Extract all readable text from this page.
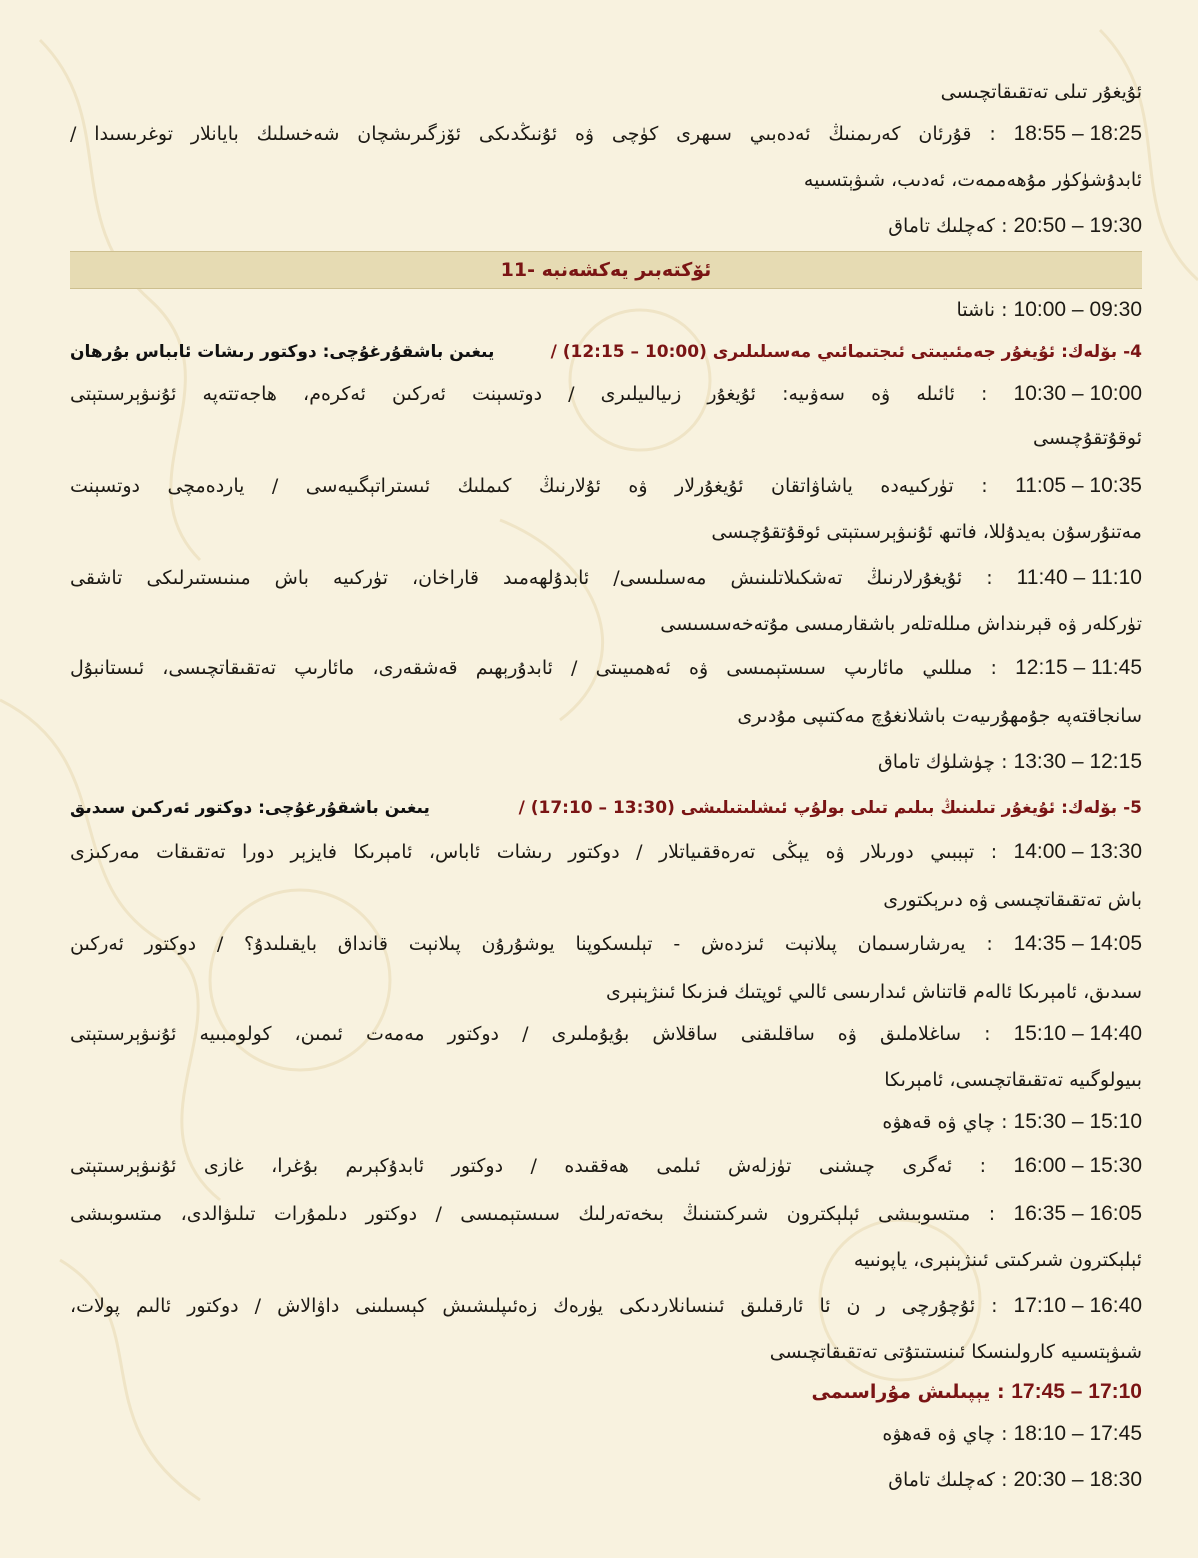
ئۇيغۇر تىلى تەتقىقاتچىسى
18:55 – 18:25 : قۇرئان كەرىمنىڭ ئەدەبىي سىھرى كۈچى ۋە ئۇنىڭدىكى ئۆزگىرىشچان شەخسلىك بايانلار توغرىسىدا /
ئابدۇشۈكۈر مۇھەممەت، ئەدىب، شىۋېتسىيە
20:50 – 19:30 : كەچلىك تاماق
11- ئۆكتەبىر يەكشەنبە
10:00 – 09:30 : ناشتا
4- بۆلەك: ئۇيغۇر جەمئىيىتى ئىجتىمائىي مەسىلىلىرى (10:00 – 12:15) /
يىغىن باشقۇرغۇچى: دوكتور رىشات ئابباس بۇرھان
10:30 – 10:00 : ئائىلە ۋە سەۋىيە: ئۇيغۇر زىيالىيلىرى / دوتسېنت ئەركىن ئەكرەم، ھاجەتتەپە ئۇنىۋېرسىتېتى
ئوقۇتقۇچىسى
11:05 – 10:35 : تۈركىيەدە ياشاۋاتقان ئۇيغۇرلار ۋە ئۇلارنىڭ كىملىك ئىستراتېگىيەسى / ياردەمچى دوتسېنت
مەتنۇرسۇن بەيدۇللا، فاتىھ ئۇنىۋېرسىتېتى ئوقۇتقۇچىسى
11:40 – 11:10 : ئۇيغۇرلارنىڭ تەشكىلاتلىنىش مەسىلىسى/ ئابدۇلھەمىد قاراخان، تۈركىيە باش مىنىستىرلىكى تاشقى
تۈركلەر ۋە قېرىنداش مىللەتلەر باشقارمىسى مۇتەخەسسىسى
12:15 – 11:45 : مىللىي مائارىپ سىستېمىسى ۋە ئەھمىيىتى / ئابدۇرېھىم قەشقەرى، مائارىپ تەتقىقاتچىسى، ئىستانبۇل
سانجاقتەپە جۇمھۇرىيەت باشلانغۇچ مەكتىپى مۇدىرى
13:30 – 12:15 : چۈشلۈك تاماق
5- بۆلەك: ئۇيغۇر تىلىنىڭ بىلىم تىلى بولۇپ ئىشلىتىلىشى (13:30 – 17:10) /
يىغىن باشقۇرغۇچى: دوكتور ئەركىن سىدىق
14:00 – 13:30 : تېببىي دورىلار ۋە يېڭى تەرەققىياتلار / دوكتور رىشات ئاباس، ئامېرىكا فايزېر دورا تەتقىقات مەركىزى
باش تەتقىقاتچىسى ۋە دىرېكتورى
14:35 – 14:05 : يەرشارسىمان پىلانېت ئىزدەش - تېلىسكوپنا يوشۇرۇن پىلانېت قانداق بايقىلىدۇ؟ / دوكتور ئەركىن
سىدىق، ئامېرىكا ئالەم قاتناش ئىدارىسى ئالىي ئوپتىك فىزىكا ئىنژېنېرى
15:10 – 14:40 : ساغلاملىق ۋە ساقلىقنى ساقلاش بۇيۇملىرى / دوكتور مەمەت ئىمىن، كولومبىيە ئۇنىۋېرسىتېتى
بىيولوگىيە تەتقىقاتچىسى، ئامېرىكا
15:30 – 15:10 : چاي ۋە قەھۋە
16:00 – 15:30 : ئەگرى چىشنى تۈزلەش ئىلمى ھەققىدە / دوكتور ئابدۇكېرىم بۇغرا، غازى ئۇنىۋېرسىتېتى
16:35 – 16:05 : مىتسوبىشى ئېلېكترون شىركىتىنىڭ بىخەتەرلىك سىستېمىسى / دوكتور دىلمۇرات تىلىۋالدى، مىتسوبىشى
ئېلېكترون شىركىتى ئىنژېنېرى، ياپونىيە
17:10 – 16:40 : ئۇچۇرچى ر ن ئا ئارقىلىق ئىنسانلاردىكى يۈرەك زەئىپلىشىش كېسىلىنى داۋالاش / دوكتور ئالىم پولات،
شىۋېتسىيە كارولىنسكا ئىنستىتۇتى تەتقىقاتچىسى
17:45 – 17:10 : يېپىلىش مۇراسىمى
18:10 – 17:45 : چاي ۋە قەھۋە
20:30 – 18:30 : كەچلىك تاماق
